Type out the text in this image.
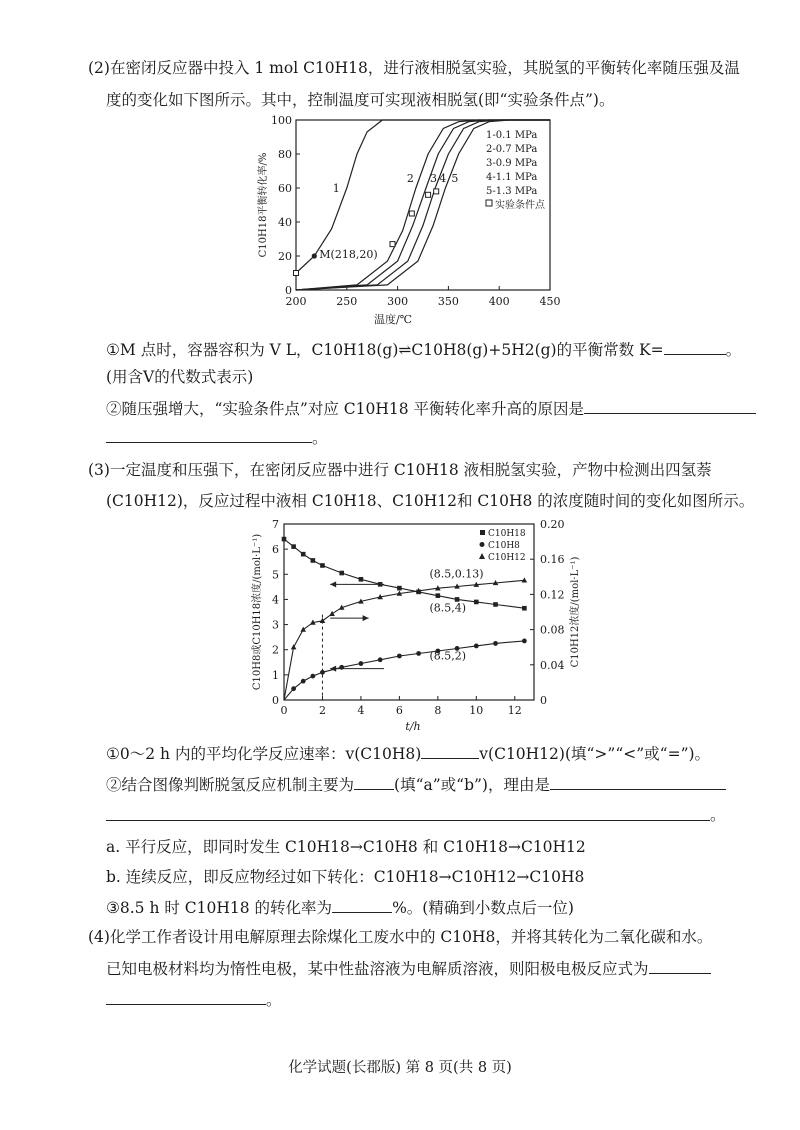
(2)在密闭反应器中投入 1 mol C10H18，进行液相脱氢实验，其脱氢的平衡转化率随压强及温
度的变化如下图所示。其中，控制温度可实现液相脱氢(即“实验条件点”)。
200	250	300	350	400	450
0
20
40
60
80
100
温度/℃
C10H18平衡转化率/%	1
2 3 4 5
M(218,20)
1-0.1 MPa
2-0.7 MPa
3-0.9 MPa
4-1.1 MPa
5-1.3 MPa
实验条件点
①M 点时，容器容积为 V L，C10H18(g)⇌C10H8(g)+5H2(g)的平衡常数 K=	。
(用含V的代数式表示)
②随压强增大，“实验条件点”对应 C10H18 平衡转化率升高的原因是
。
(3)一定温度和压强下，在密闭反应器中进行 C10H18 液相脱氢实验，产物中检测出四氢萘
(C10H12)，反应过程中液相 C10H18、C10H12和 C10H8 的浓度随时间的变化如图所示。
0	2	4	6	8	10 12
0
1
2
3
4
5
6
7
0
0.04
0.08
0.12
0.16
0.20
t/h
C10H8或C10H18浓度/(mol·L⁻¹)	C10H12浓度/(mol·L⁻¹)
(8.5,0.13)
(8.5,4)
(8.5,2)
C10H18
C10H8
C10H12
①0～2 h 内的平均化学反应速率：v(C10H8)	v(C10H12)(填“>”“<”或“=”)。
②结合图像判断脱氢反应机制主要为	(填“a”或“b”)，理由是
。
a. 平行反应，即同时发生 C10H18→C10H8 和 C10H18→C10H12
b. 连续反应，即反应物经过如下转化：C10H18→C10H12→C10H8
③8.5 h 时 C10H18 的转化率为	%。(精确到小数点后一位)
(4)化学工作者设计用电解原理去除煤化工废水中的 C10H8，并将其转化为二氧化碳和水。
已知电极材料均为惰性电极，某中性盐溶液为电解质溶液，则阳极电极反应式为
。
化学试题(长郡版) 第 8 页(共 8 页)
